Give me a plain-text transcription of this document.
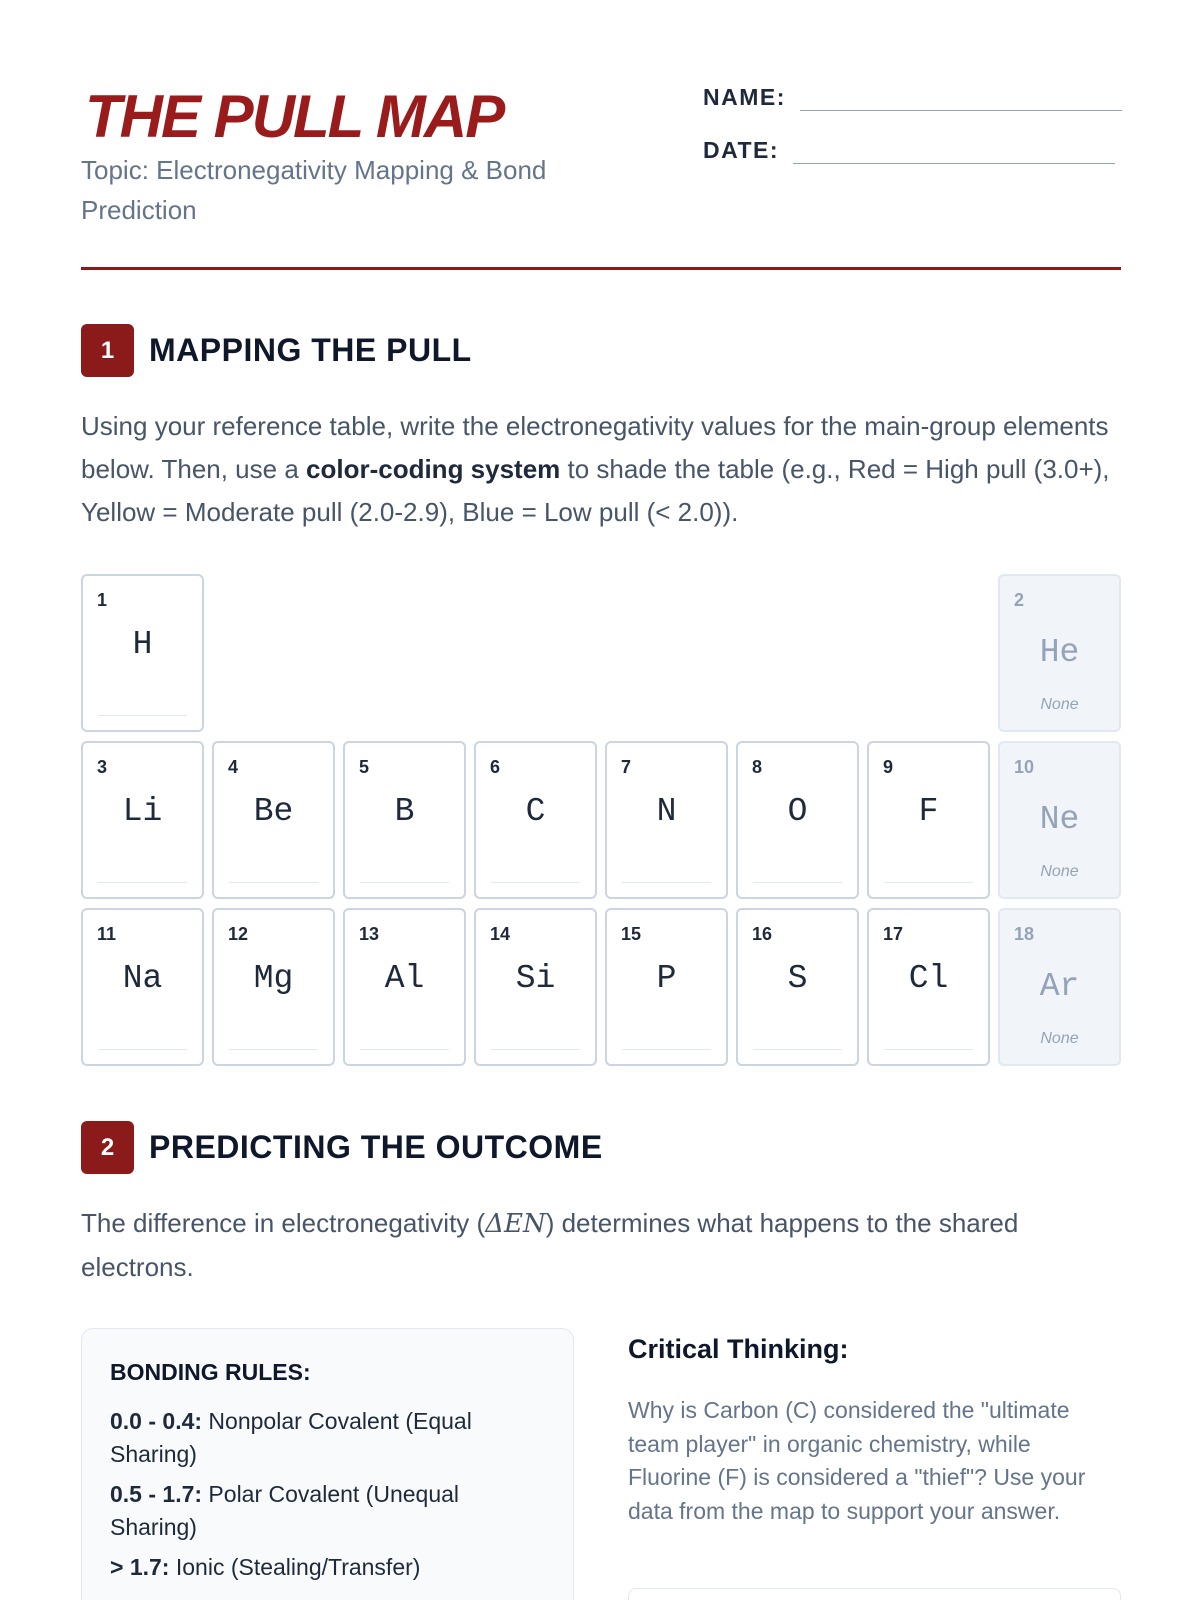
THE PULL MAP
Topic: Electronegativity Mapping & Bond Prediction
NAME:
DATE:
1	MAPPING THE PULL
Using your reference table, write the electronegativity values for the main-group elements below. Then, use a color-coding system to shade the table (e.g., Red = High pull (3.0+), Yellow = Moderate pull (2.0-2.9), Blue = Low pull (< 2.0)).
1
H
2
He
None
3
Li
4
Be
5
B
6
C
7
N
8
O
9
F
10
Ne
None
11
Na
12
Mg
13
Al
14
Si
15
P
16
S
17
Cl
18
Ar
None
2	PREDICTING THE OUTCOME
The difference in electronegativity (ΔEN) determines what happens to the shared electrons.
BONDING RULES:
0.0 - 0.4: Nonpolar Covalent (Equal Sharing)
0.5 - 1.7: Polar Covalent (Unequal Sharing)
> 1.7: Ionic (Stealing/Transfer)
Critical Thinking:
Why is Carbon (C) considered the "ultimate team player" in organic chemistry, while Fluorine (F) is considered a "thief"? Use your data from the map to support your answer.
